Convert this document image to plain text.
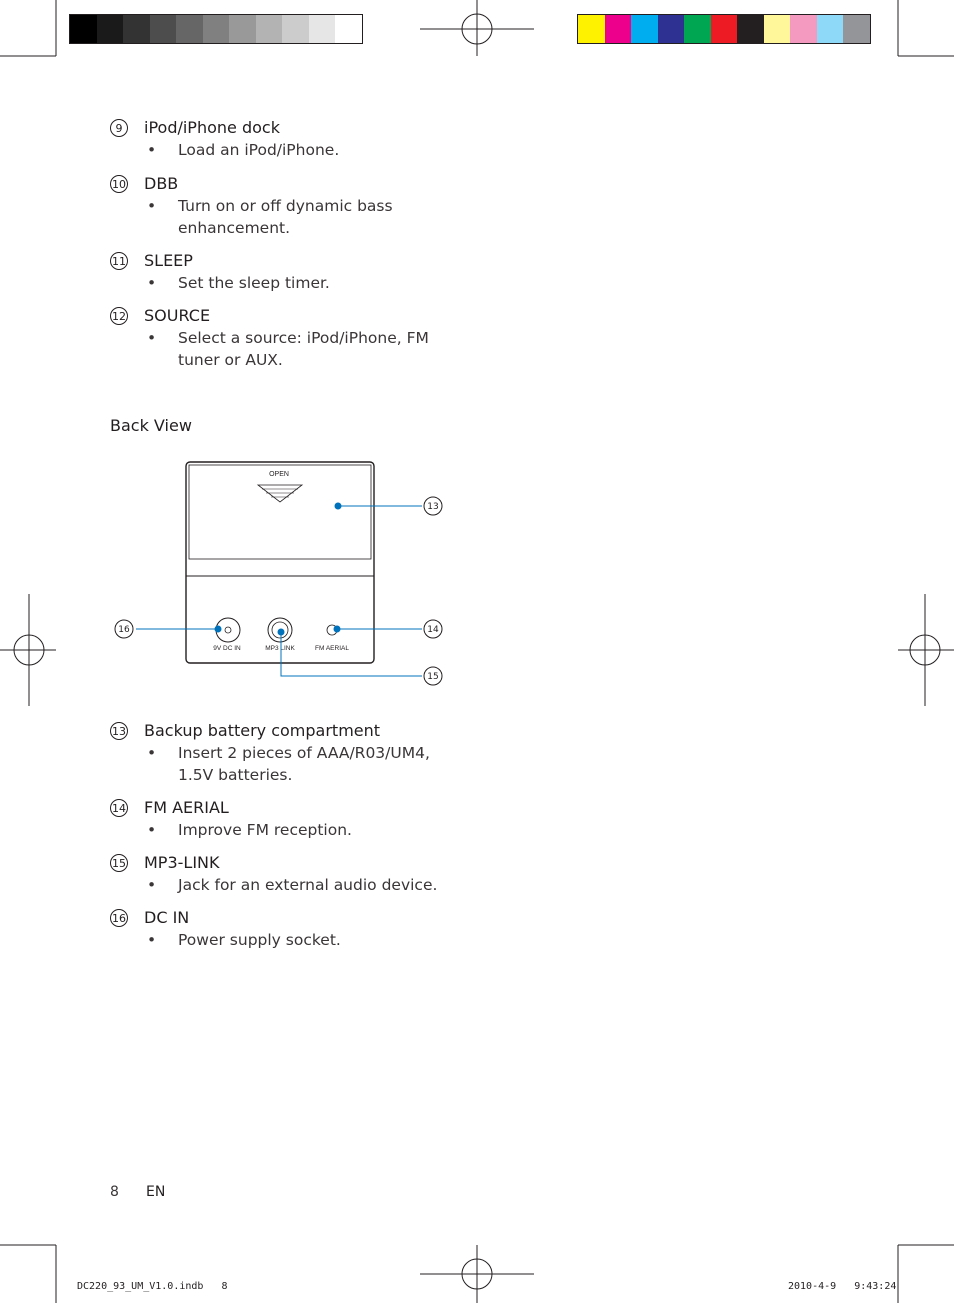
9	iPod/iPhone dock
• Load an iPod/iPhone.
10 DBB
• Turn on or off dynamic bass enhancement.
11 SLEEP
• Set the sleep timer.
12 SOURCE
• Select a source: iPod/iPhone, FM tuner or AUX.
Back View
OPEN
9V DC IN	MP3 LINK	FM AERIAL
13
14
15
16
13 Backup battery compartment
• Insert 2 pieces of AAA/R03/UM4, 1.5V batteries.
14 FM AERIAL
• Improve FM reception.
15 MP3-LINK
• Jack for an external audio device.
16 DC IN
• Power supply socket.
8 EN
DC220_93_UM_V1.0.indb   8	2010-4-9   9:43:24
